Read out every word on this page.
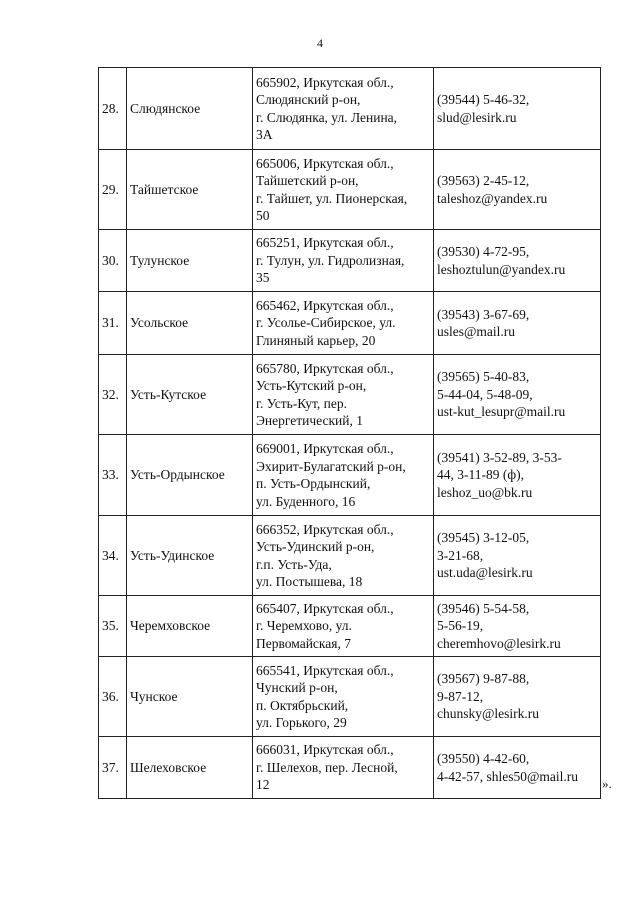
4
28.	Слюдянское	665902, Иркутская обл.,
Слюдянский р-он,
г. Слюдянка, ул. Ленина,
3А	(39544) 5-46-32,
slud@lesirk.ru
29.	Тайшетское	665006, Иркутская обл.,
Тайшетский р-он,
г. Тайшет, ул. Пионерская,
50	(39563) 2-45-12,
taleshoz@yandex.ru
30.	Тулунское	665251, Иркутская обл.,
г. Тулун, ул. Гидролизная,
35	(39530) 4-72-95,
leshoztulun@yandex.ru
31.	Усольское	665462, Иркутская обл.,
г. Усолье-Сибирское, ул.
Глиняный карьер, 20	(39543) 3-67-69,
usles@mail.ru
32.	Усть-Кутское	665780, Иркутская обл.,
Усть-Кутский р-он,
г. Усть-Кут, пер.
Энергетический, 1	(39565) 5-40-83,
5-44-04, 5-48-09,
ust-kut_lesupr@mail.ru
33.	Усть-Ордынское	669001, Иркутская обл.,
Эхирит-Булагатский р-он,
п. Усть-Ордынский,
ул. Буденного, 16	(39541) 3-52-89, 3-53-
44, 3-11-89 (ф),
leshoz_uo@bk.ru
34.	Усть-Удинское	666352, Иркутская обл.,
Усть-Удинский р-он,
г.п. Усть-Уда,
ул. Постышева, 18	(39545) 3-12-05,
3-21-68,
ust.uda@lesirk.ru
35.	Черемховское	665407, Иркутская обл.,
г. Черемхово, ул.
Первомайская, 7	(39546) 5-54-58,
5-56-19,
cheremhovo@lesirk.ru
36.	Чунское	665541, Иркутская обл.,
Чунский р-он,
п. Октябрьский,
ул. Горького, 29	(39567) 9-87-88,
9-87-12,
chunsky@lesirk.ru
37.	Шелеховское	666031, Иркутская обл.,
г. Шелехов, пер. Лесной,
12	(39550) 4-42-60,
4-42-57, shles50@mail.ru ».
